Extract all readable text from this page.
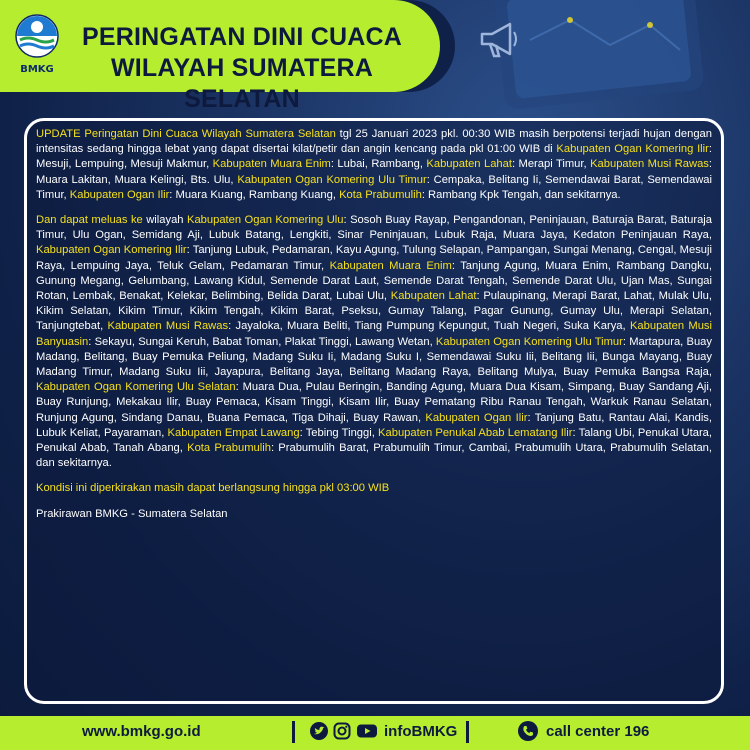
BMKG
PERINGATAN DINI CUACA
WILAYAH SUMATERA SELATAN

UPDATE Peringatan Dini Cuaca Wilayah Sumatera Selatan tgl 25 Januari 2023 pkl. 00:30 WIB masih berpotensi terjadi hujan dengan intensitas sedang hingga lebat yang dapat disertai kilat/petir dan angin kencang pada pkl 01:00 WIB di Kabupaten Ogan Komering Ilir: Mesuji, Lempuing, Mesuji Makmur, Kabupaten Muara Enim: Lubai, Rambang, Kabupaten Lahat: Merapi Timur, Kabupaten Musi Rawas: Muara Lakitan, Muara Kelingi, Bts. Ulu, Kabupaten Ogan Komering Ulu Timur: Cempaka, Belitang Ii, Semendawai Barat, Semendawai Timur, Kabupaten Ogan Ilir: Muara Kuang, Rambang Kuang, Kota Prabumulih: Rambang Kpk Tengah, dan sekitarnya.

Dan dapat meluas ke wilayah Kabupaten Ogan Komering Ulu: Sosoh Buay Rayap, Pengandonan, Peninjauan, Baturaja Barat, Baturaja Timur, Ulu Ogan, Semidang Aji, Lubuk Batang, Lengkiti, Sinar Peninjauan, Lubuk Raja, Muara Jaya, Kedaton Peninjauan Raya, Kabupaten Ogan Komering Ilir: Tanjung Lubuk, Pedamaran, Kayu Agung, Tulung Selapan, Pampangan, Sungai Menang, Cengal, Mesuji Raya, Lempuing Jaya, Teluk Gelam, Pedamaran Timur, Kabupaten Muara Enim: Tanjung Agung, Muara Enim, Rambang Dangku, Gunung Megang, Gelumbang, Lawang Kidul, Semende Darat Laut, Semende Darat Tengah, Semende Darat Ulu, Ujan Mas, Sungai Rotan, Lembak, Benakat, Kelekar, Belimbing, Belida Darat, Lubai Ulu, Kabupaten Lahat: Pulaupinang, Merapi Barat, Lahat, Mulak Ulu, Kikim Selatan, Kikim Timur, Kikim Tengah, Kikim Barat, Pseksu, Gumay Talang, Pagar Gunung, Gumay Ulu, Merapi Selatan, Tanjungtebat, Kabupaten Musi Rawas: Jayaloka, Muara Beliti, Tiang Pumpung Kepungut, Tuah Negeri, Suka Karya, Kabupaten Musi Banyuasin: Sekayu, Sungai Keruh, Babat Toman, Plakat Tinggi, Lawang Wetan, Kabupaten Ogan Komering Ulu Timur: Martapura, Buay Madang, Belitang, Buay Pemuka Peliung, Madang Suku Ii, Madang Suku I, Semendawai Suku Iii, Belitang Iii, Bunga Mayang, Buay Madang Timur, Madang Suku Iii, Jayapura, Belitang Jaya, Belitang Madang Raya, Belitang Mulya, Buay Pemuka Bangsa Raja, Kabupaten Ogan Komering Ulu Selatan: Muara Dua, Pulau Beringin, Banding Agung, Muara Dua Kisam, Simpang, Buay Sandang Aji, Buay Runjung, Mekakau Ilir, Buay Pemaca, Kisam Tinggi, Kisam Ilir, Buay Pematang Ribu Ranau Tengah, Warkuk Ranau Selatan, Runjung Agung, Sindang Danau, Buana Pemaca, Tiga Dihaji, Buay Rawan, Kabupaten Ogan Ilir: Tanjung Batu, Rantau Alai, Kandis, Lubuk Keliat, Payaraman, Kabupaten Empat Lawang: Tebing Tinggi, Kabupaten Penukal Abab Lematang Ilir: Talang Ubi, Penukal Utara, Penukal Abab, Tanah Abang, Kota Prabumulih: Prabumulih Barat, Prabumulih Timur, Cambai, Prabumulih Utara, Prabumulih Selatan, dan sekitarnya.

Kondisi ini diperkirakan masih dapat berlangsung hingga pkl 03:00 WIB

Prakirawan BMKG - Sumatera Selatan

www.bmkg.go.id	infoBMKG	call center 196
